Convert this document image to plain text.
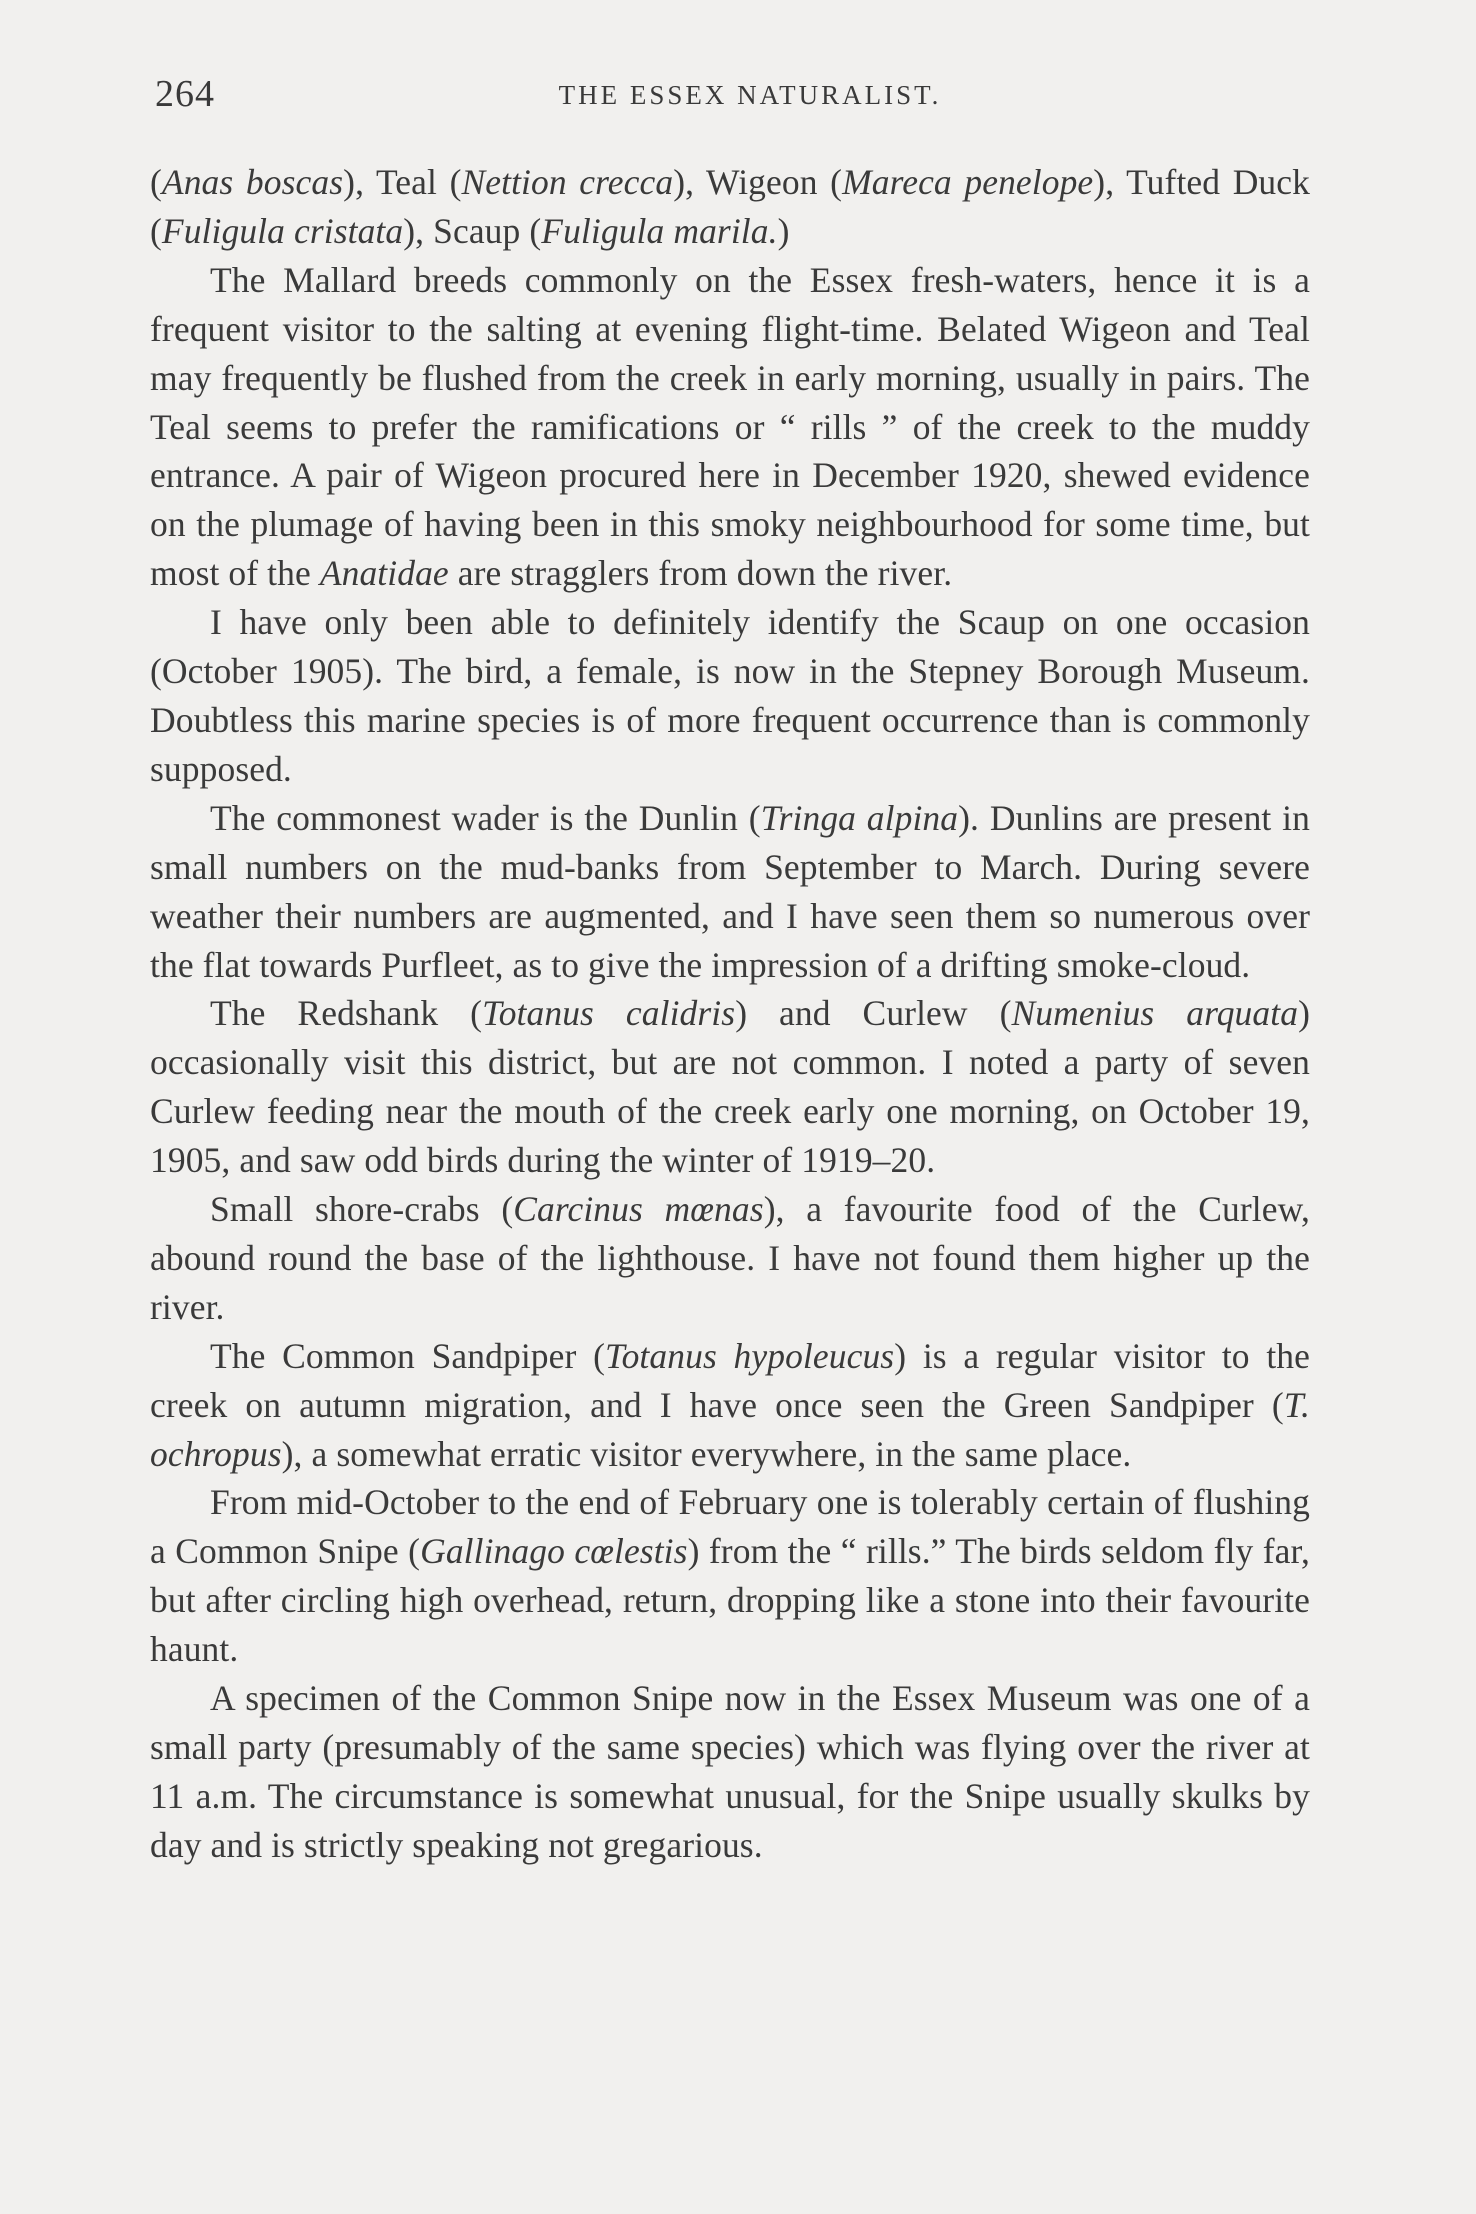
264	THE ESSEX NATURALIST.

(Anas boscas), Teal (Nettion crecca), Wigeon (Mareca penelope), Tufted Duck (Fuligula cristata), Scaup (Fuligula marila.)

The Mallard breeds commonly on the Essex fresh-waters, hence it is a frequent visitor to the salting at evening flight-time. Belated Wigeon and Teal may frequently be flushed from the creek in early morning, usually in pairs. The Teal seems to prefer the ramifications or “ rills ” of the creek to the muddy entrance. A pair of Wigeon procured here in December 1920, shewed evidence on the plumage of having been in this smoky neighbourhood for some time, but most of the Anatidae are stragglers from down the river.

I have only been able to definitely identify the Scaup on one occasion (October 1905). The bird, a female, is now in the Stepney Borough Museum. Doubtless this marine species is of more frequent occurrence than is commonly supposed.

The commonest wader is the Dunlin (Tringa alpina). Dunlins are present in small numbers on the mud-banks from September to March. During severe weather their numbers are augmented, and I have seen them so numerous over the flat towards Purfleet, as to give the impression of a drifting smoke-cloud.

The Redshank (Totanus calidris) and Curlew (Numenius arquata) occasionally visit this district, but are not common. I noted a party of seven Curlew feeding near the mouth of the creek early one morning, on October 19, 1905, and saw odd birds during the winter of 1919–20.

Small shore-crabs (Carcinus mœnas), a favourite food of the Curlew, abound round the base of the lighthouse. I have not found them higher up the river.

The Common Sandpiper (Totanus hypoleucus) is a regular visitor to the creek on autumn migration, and I have once seen the Green Sandpiper (T. ochropus), a somewhat erratic visitor everywhere, in the same place.

From mid-October to the end of February one is tolerably certain of flushing a Common Snipe (Gallinago cœlestis) from the “ rills.” The birds seldom fly far, but after circling high overhead, return, dropping like a stone into their favourite haunt.

A specimen of the Common Snipe now in the Essex Museum was one of a small party (presumably of the same species) which was flying over the river at 11 a.m. The circumstance is somewhat unusual, for the Snipe usually skulks by day and is strictly speaking not gregarious.
